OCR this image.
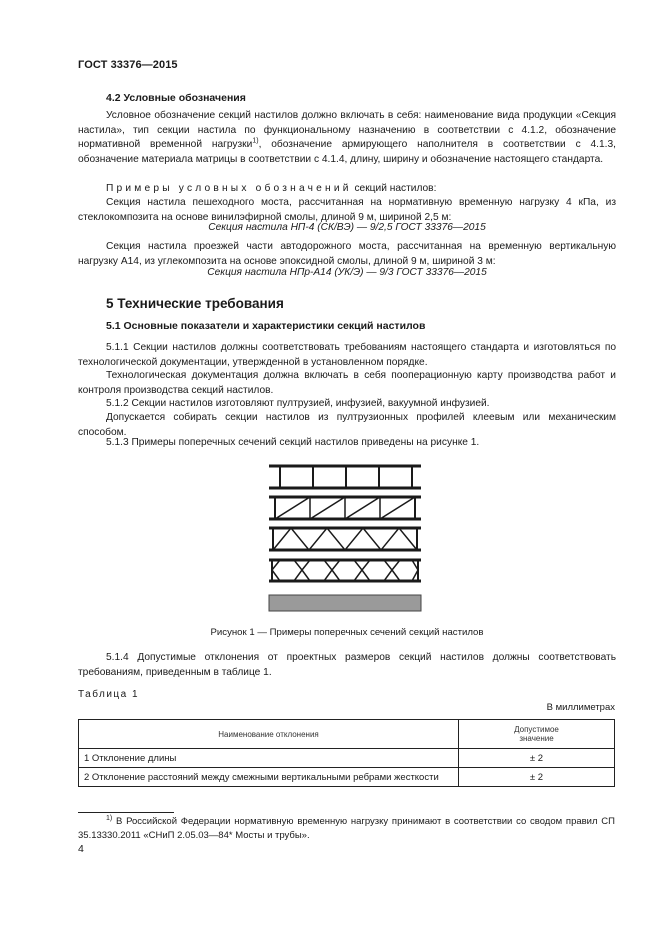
ГОСТ 33376—2015
4.2 Условные обозначения
Условное обозначение секций настилов должно включать в себя: наименование вида продукции «Секция настила», тип секции настила по функциональному назначению в соответствии с 4.1.2, обозначение нормативной временной нагрузки$^{1)}$, обозначение армирующего наполнителя в соответствии с 4.1.3, обозначение материала матрицы в соответствии с 4.1.4, длину, ширину и обозначение настоящего стандарта.
Примеры условных обозначений секций настилов:
Секция настила пешеходного моста, рассчитанная на нормативную временную нагрузку 4 кПа, из стеклокомпозита на основе винилэфирной смолы, длиной 9 м, шириной 2,5 м:
Секция настила НП-4 (СК/ВЭ) — 9/2,5 ГОСТ 33376—2015
Секция настила проезжей части автодорожного моста, рассчитанная на временную вертикальную нагрузку А14, из углекомпозита на основе эпоксидной смолы, длиной 9 м, шириной 3 м:
Секция настила НПр-А14 (УК/Э) — 9/3 ГОСТ 33376—2015
5 Технические требования
5.1 Основные показатели и характеристики секций настилов
5.1.1 Секции настилов должны соответствовать требованиям настоящего стандарта и изготовляться по технологической документации, утвержденной в установленном порядке.
Технологическая документация должна включать в себя пооперационную карту производства работ и контроля производства секций настилов.
5.1.2 Секции настилов изготовляют пултрузией, инфузией, вакуумной инфузией.
Допускается собирать секции настилов из пултрузионных профилей клеевым или механическим способом.
5.1.3 Примеры поперечных сечений секций настилов приведены на рисунке 1.
Рисунок 1 — Примеры поперечных сечений секций настилов
5.1.4 Допустимые отклонения от проектных размеров секций настилов должны соответствовать требованиям, приведенным в таблице 1.
Таблица 1
В миллиметрах
Наименование отклонения	Допустимое
значение
1 Отклонение длины	± 2
2 Отклонение расстояний между смежными вертикальными ребрами жесткости	± 2
$^{1)}$ В Российской Федерации нормативную временную нагрузку принимают в соответствии со сводом правил СП 35.13330.2011 «СНиП 2.05.03—84* Мосты и трубы».
4
